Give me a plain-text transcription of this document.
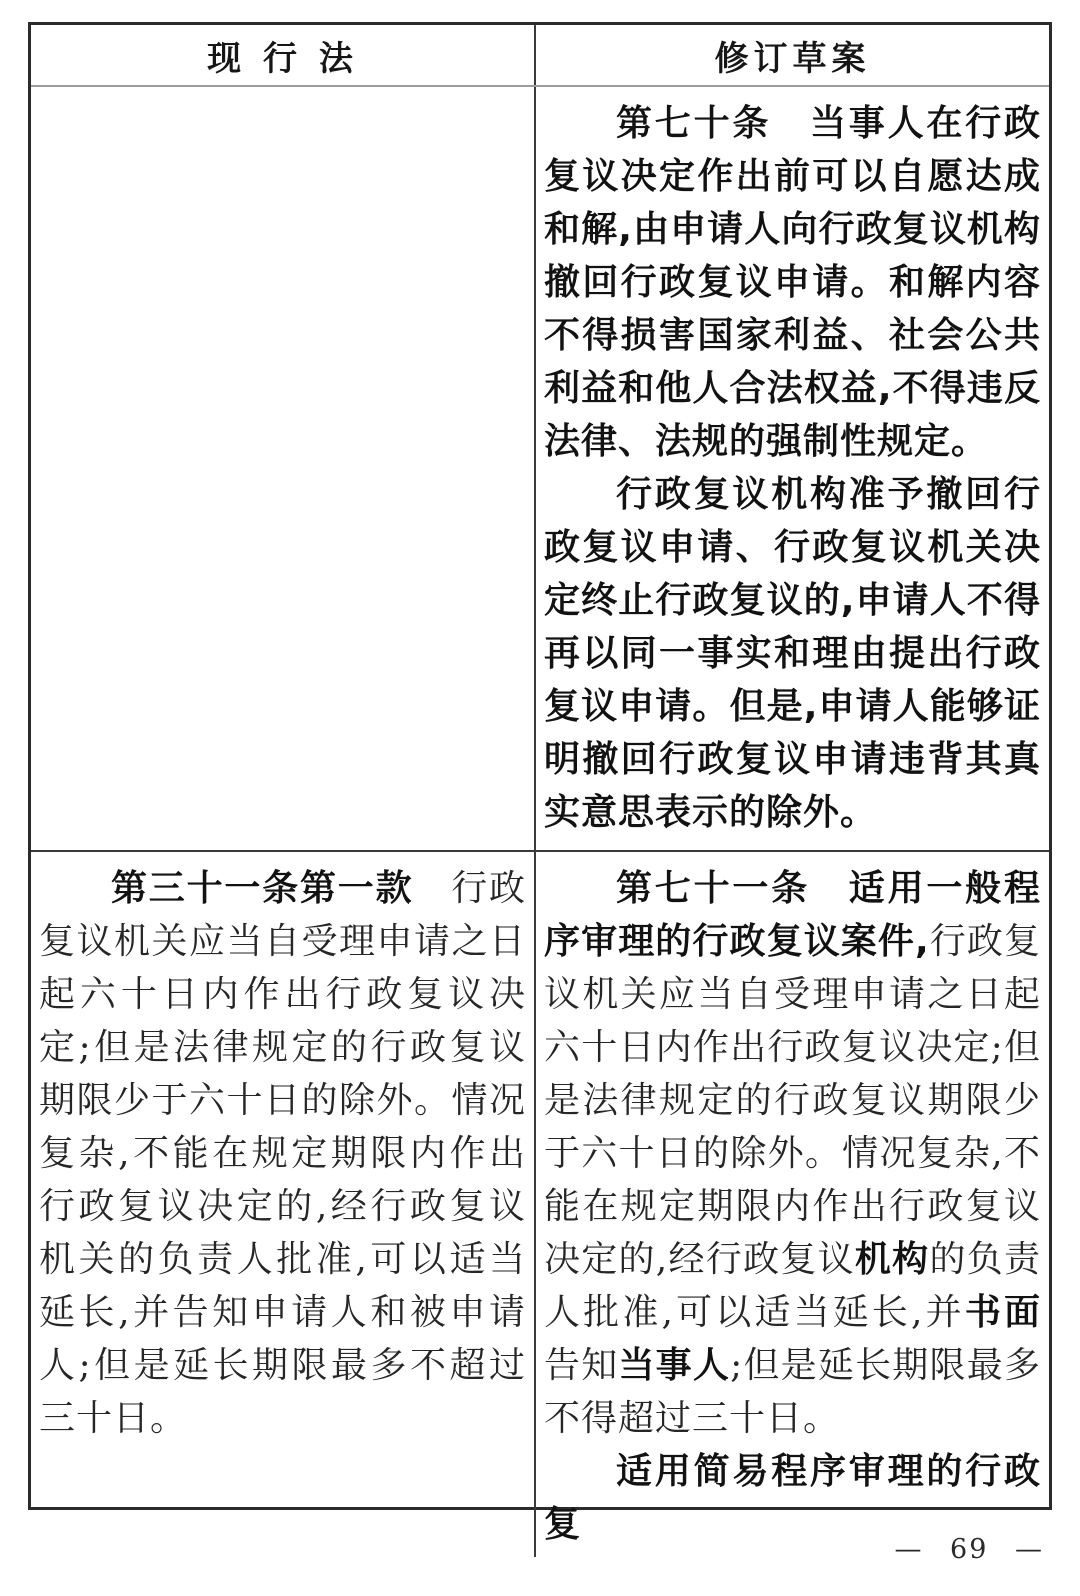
现 行 法	修订草案

第七十条　当事人在行政复议决定作出前可以自愿达成和解,由申请人向行政复议机构撤回行政复议申请。和解内容不得损害国家利益、社会公共利益和他人合法权益,不得违反法律、法规的强制性规定。

行政复议机构准予撤回行政复议申请、行政复议机关决定终止行政复议的,申请人不得再以同一事实和理由提出行政复议申请。但是,申请人能够证明撤回行政复议申请违背其真实意思表示的除外。

第三十一条第一款　行政复议机关应当自受理申请之日起六十日内作出行政复议决定;但是法律规定的行政复议期限少于六十日的除外。情况复杂,不能在规定期限内作出行政复议决定的,经行政复议机关的负责人批准,可以适当延长,并告知申请人和被申请人;但是延长期限最多不超过三十日。

第七十一条　适用一般程序审理的行政复议案件,行政复议机关应当自受理申请之日起六十日内作出行政复议决定;但是法律规定的行政复议期限少于六十日的除外。情况复杂,不能在规定期限内作出行政复议决定的,经行政复议机构的负责人批准,可以适当延长,并书面告知当事人;但是延长期限最多不得超过三十日。

适用简易程序审理的行政复

— 69 —
